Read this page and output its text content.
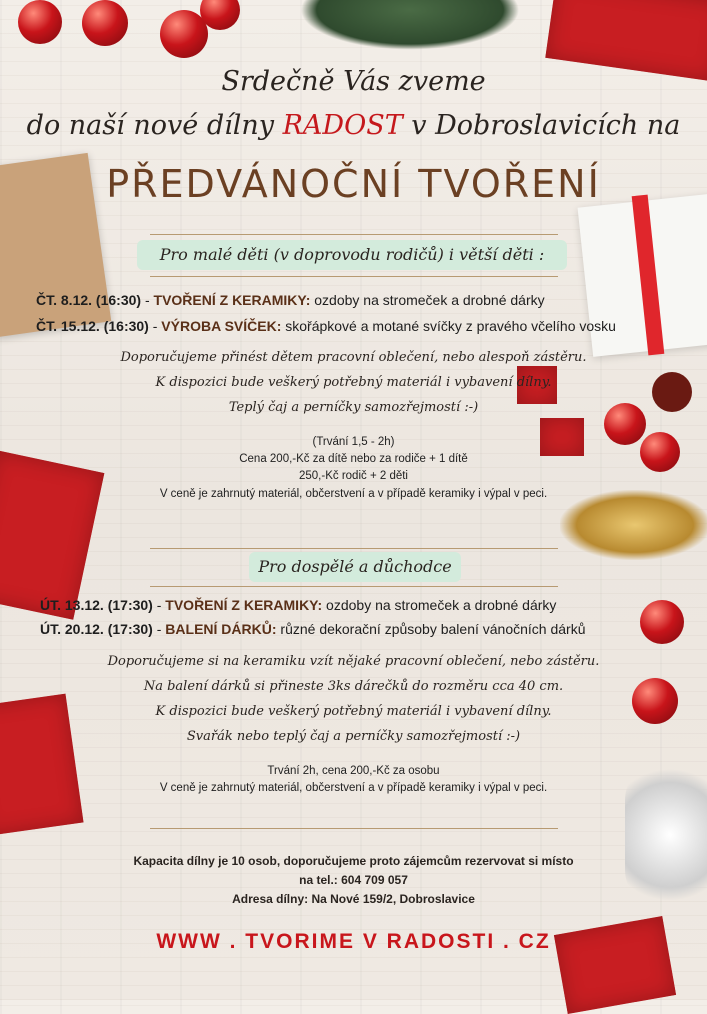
Srdečně Vás zveme
do naší nové dílny RADOST v Dobroslavicích na
PŘEDVÁNOČNÍ TVOŘENÍ
Pro malé děti (v doprovodu rodičů) i větší děti :
ČT. 8.12. (16:30) - TVOŘENÍ Z KERAMIKY: ozdoby na stromeček a drobné dárky
ČT. 15.12. (16:30) - VÝROBA SVÍČEK: skořápkové a motané svíčky z pravého včelího vosku
Doporučujeme přinést dětem pracovní oblečení, nebo alespoň zástěru.
K dispozici bude veškerý potřebný materiál i vybavení dílny.
Teplý čaj a perníčky samozřejmostí :-)
(Trvání 1,5 - 2h)
Cena 200,-Kč za dítě nebo za rodiče + 1 dítě
250,-Kč rodič + 2 děti
V ceně je zahrnutý materiál, občerstvení a v případě keramiky i výpal v peci.
Pro dospělé a důchodce
ÚT. 13.12. (17:30) - TVOŘENÍ Z KERAMIKY: ozdoby na stromeček a drobné dárky
ÚT. 20.12. (17:30) - BALENÍ DÁRKŮ: různé dekorační způsoby balení vánočních dárků
Doporučujeme si na keramiku vzít nějaké pracovní oblečení, nebo zástěru.
Na balení dárků si přineste 3ks dárečků do rozměru cca 40 cm.
K dispozici bude veškerý potřebný materiál i vybavení dílny.
Svařák nebo teplý čaj a perníčky samozřejmostí :-)
Trvání 2h, cena 200,-Kč za osobu
V ceně je zahrnutý materiál, občerstvení a v případě keramiky i výpal v peci.
Kapacita dílny je 10 osob, doporučujeme proto zájemcům rezervovat si místo
na tel.: 604 709 057
Adresa dílny: Na Nové 159/2, Dobroslavice
WWW . TVORIME V RADOSTI . CZ
